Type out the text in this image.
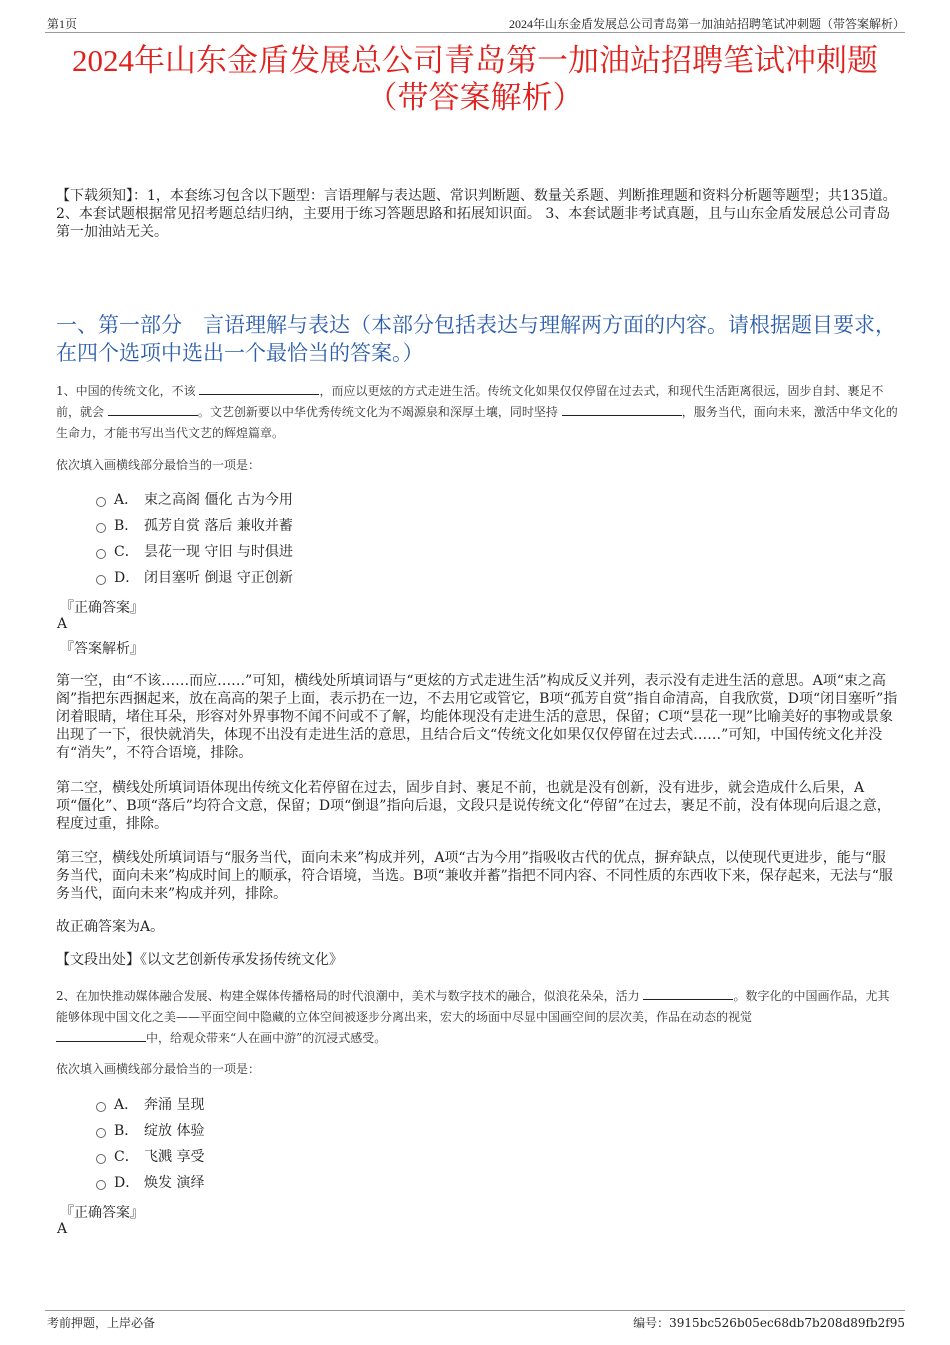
第1页	2024年山东金盾发展总公司青岛第一加油站招聘笔试冲刺题（带答案解析）
2024年山东金盾发展总公司青岛第一加油站招聘笔试冲刺题
（带答案解析）
【下载须知】：1，本套练习包含以下题型：言语理解与表达题、常识判断题、数量关系题、判断推理题和资料分析题等题型；共135道。 2、本套试题根据常见招考题总结归纳，主要用于练习答题思路和拓展知识面。 3、本套试题非考试真题，且与山东金盾发展总公司青岛第一加油站无关。
一、第一部分　言语理解与表达（本部分包括表达与理解两方面的内容。请根据题目要求，在四个选项中选出一个最恰当的答案。）
1、中国的传统文化，不该	，而应以更炫的方式走进生活。传统文化如果仅仅停留在过去式，和现代生活距离很远，固步自封、裹足不前，就会	。文艺创新要以中华优秀传统文化为不竭源泉和深厚土壤，同时坚持	，服务当代，面向未来，激活中华文化的生命力，才能书写出当代文艺的辉煌篇章。
依次填入画横线部分最恰当的一项是：
A． 束之高阁 僵化 古为今用
B． 孤芳自赏 落后 兼收并蓄
C． 昙花一现 守旧 与时俱进
D． 闭目塞听 倒退 守正创新
『正确答案』
A
『答案解析』
第一空，由“不该……而应……”可知，横线处所填词语与“更炫的方式走进生活”构成反义并列，表示没有走进生活的意思。A项“束之高阁”指把东西捆起来，放在高高的架子上面，表示扔在一边，不去用它或管它，B项“孤芳自赏”指自命清高，自我欣赏，D项“闭目塞听”指闭着眼睛，堵住耳朵，形容对外界事物不闻不问或不了解，均能体现没有走进生活的意思，保留；C项“昙花一现”比喻美好的事物或景象出现了一下，很快就消失，体现不出没有走进生活的意思，且结合后文“传统文化如果仅仅停留在过去式……”可知，中国传统文化并没有“消失”，不符合语境，排除。
第二空，横线处所填词语体现出传统文化若停留在过去，固步自封、裹足不前，也就是没有创新，没有进步，就会造成什么后果，A项“僵化”、B项“落后”均符合文意，保留；D项“倒退”指向后退，文段只是说传统文化“停留”在过去，裹足不前，没有体现向后退之意，程度过重，排除。
第三空，横线处所填词语与“服务当代，面向未来”构成并列，A项“古为今用”指吸收古代的优点，摒弃缺点，以使现代更进步，能与“服务当代，面向未来”构成时间上的顺承，符合语境，当选。B项“兼收并蓄”指把不同内容、不同性质的东西收下来，保存起来，无法与“服务当代，面向未来”构成并列，排除。
故正确答案为A。
【文段出处】《以文艺创新传承发扬传统文化》
2、在加快推动媒体融合发展、构建全媒体传播格局的时代浪潮中，美术与数字技术的融合，似浪花朵朵，活力	。数字化的中国画作品，尤其能够体现中国文化之美——平面空间中隐藏的立体空间被逐步分离出来，宏大的场面中尽显中国画空间的层次美，作品在动态的视觉
中，给观众带来“人在画中游”的沉浸式感受。
依次填入画横线部分最恰当的一项是：
A． 奔涌 呈现
B． 绽放 体验
C． 飞溅 享受
D． 焕发 演绎
『正确答案』
A
考前押题，上岸必备	编号：3915bc526b05ec68db7b208d89fb2f95
